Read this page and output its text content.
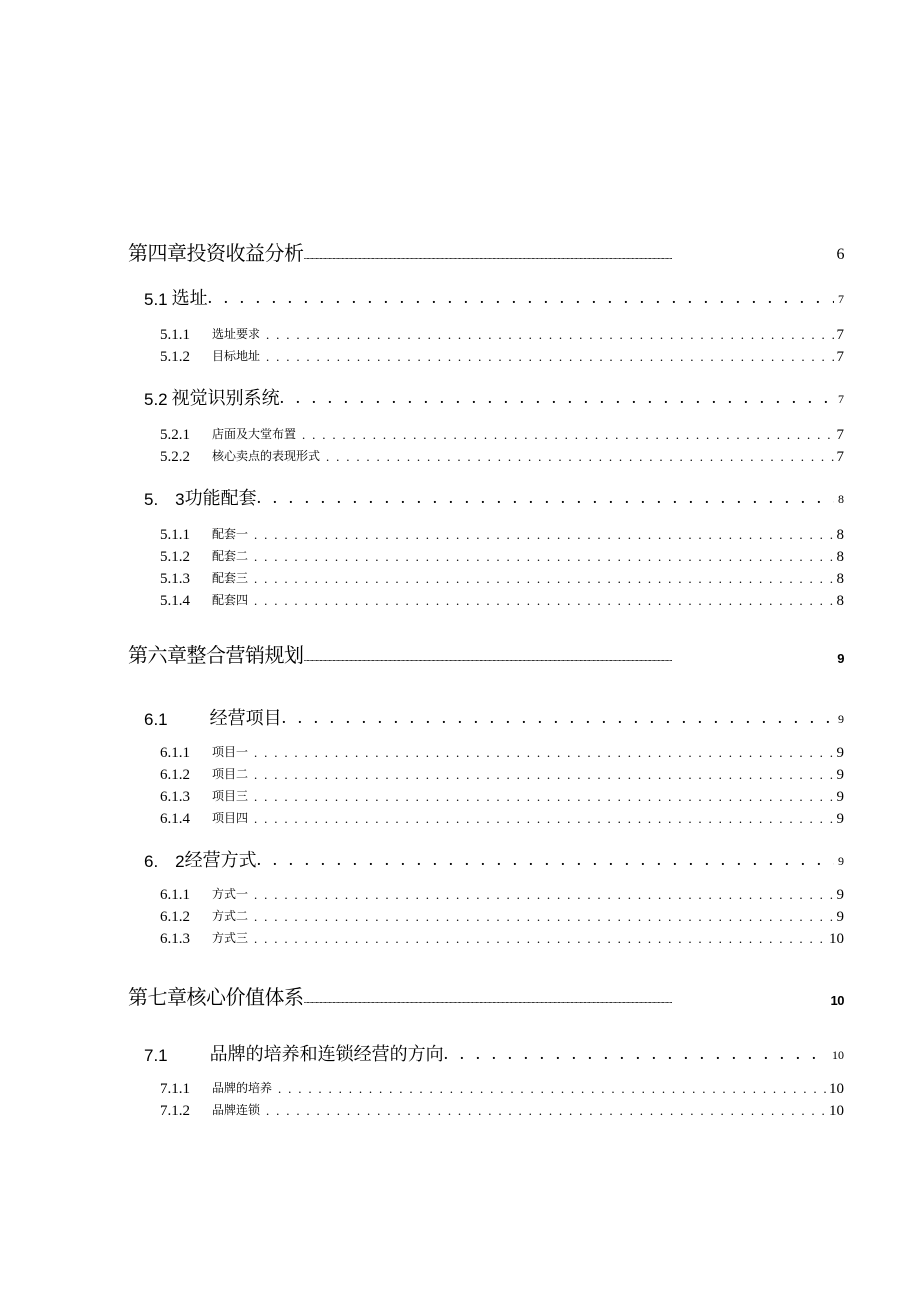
第四章投资收益分析 .....	6
5.1 选址 . . .	7
5.1.1	选址要求 . . .	7
5.1.2	目标地址 . . .	7
5.2 视觉识别系统 . . .	7
5.2.1	店面及大堂布置 . . .	7
5.2.2	核心卖点的表现形式 . . .	7
5.　3 功能配套 . . .	8
5.1.1	配套一 . . .	8
5.1.2	配套二 . . .	8
5.1.3	配套三 . . .	8
5.1.4	配套四 . . .	8
第六章整合营销规划 .....	9
6.1 经营项目 . . .	9
6.1.1	项目一 . . .	9
6.1.2	项目二 . . .	9
6.1.3	项目三 . . .	9
6.1.4	项目四 . . .	9
6.　2 经营方式 . . .	9
6.1.1	方式一 . . .	9
6.1.2	方式二 . . .	9
6.1.3	方式三 . . .	10
第七章核心价值体系 .....	10
7.1 品牌的培养和连锁经营的方向 . . .	10
7.1.1	品牌的培养 . . .	10
7.1.2	品牌连锁 . . .	10
